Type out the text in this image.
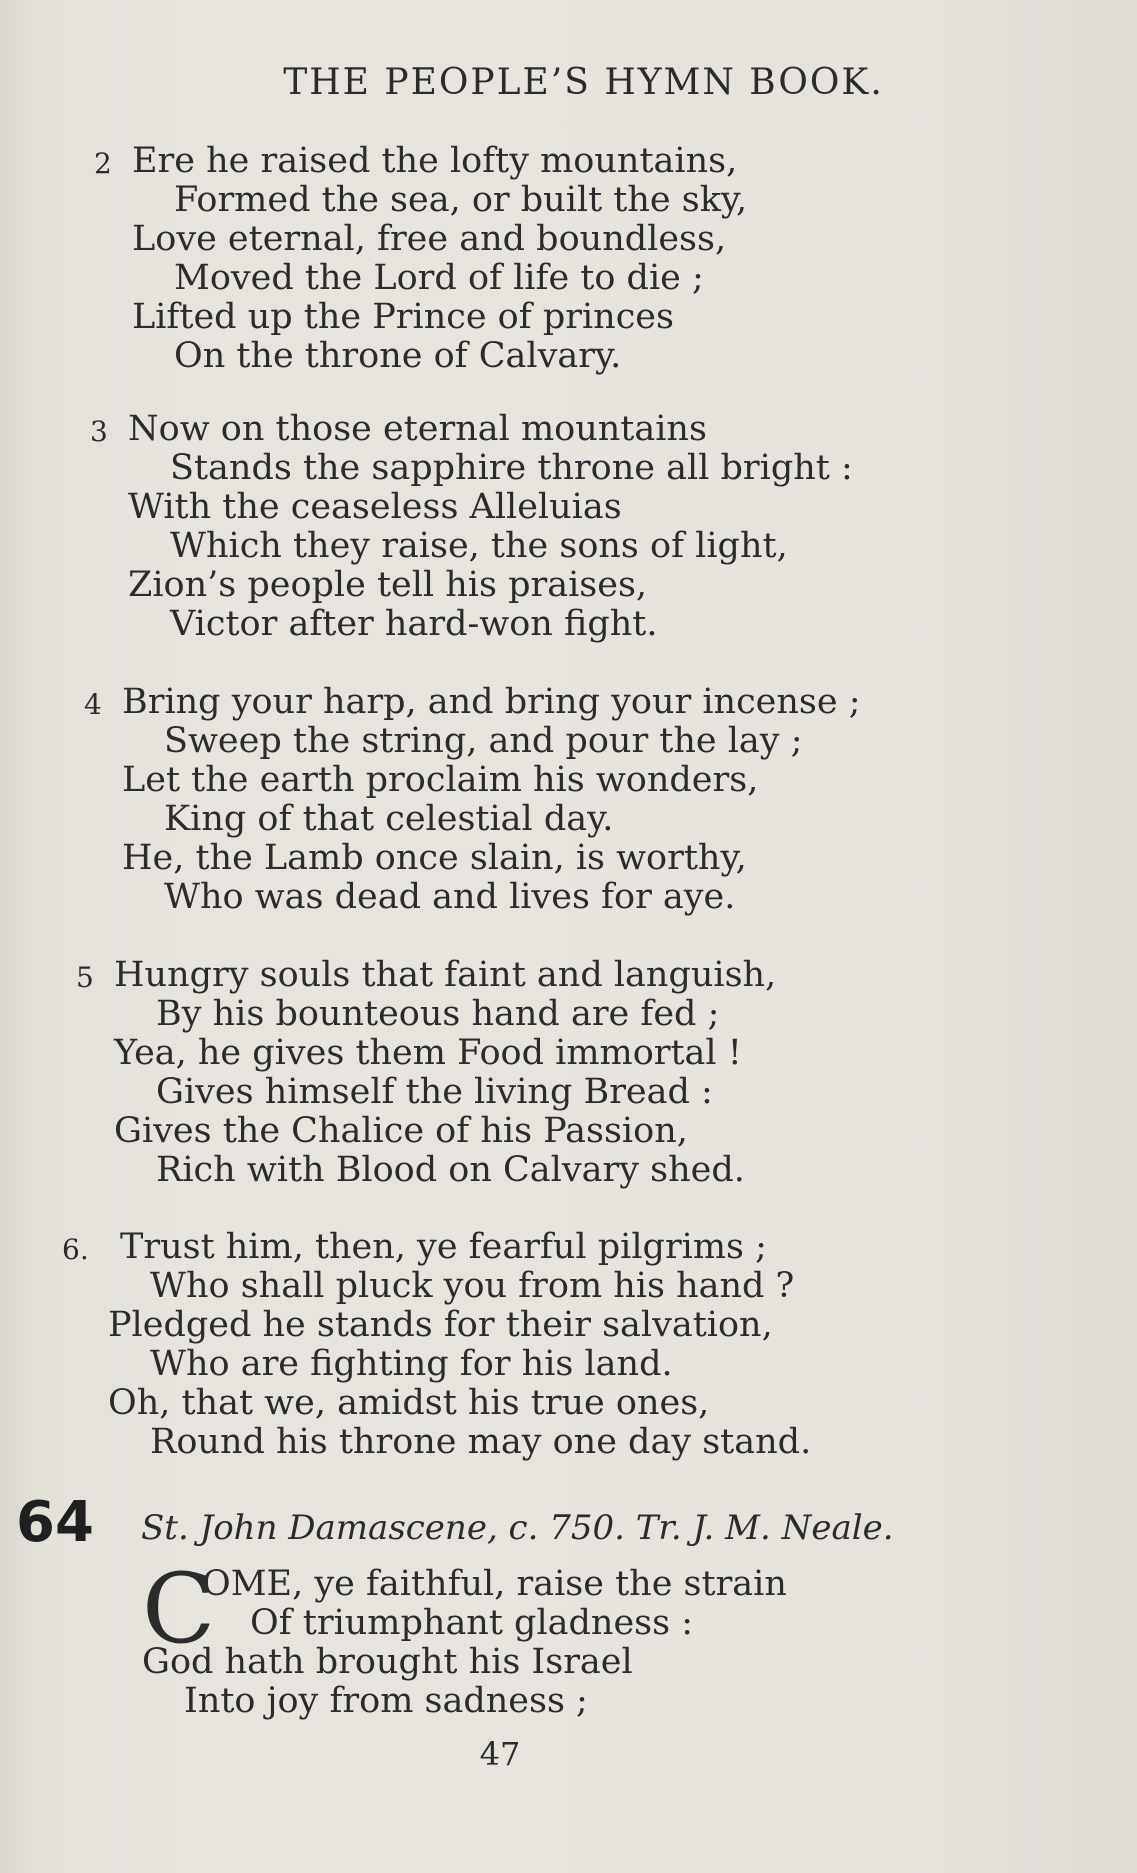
THE PEOPLE’S HYMN BOOK.
2 Ere he raised the lofty mountains,
Formed the sea, or built the sky,
Love eternal, free and boundless,
Moved the Lord of life to die ;
Lifted up the Prince of princes
On the throne of Calvary.
3 Now on those eternal mountains
Stands the sapphire throne all bright :
With the ceaseless Alleluias
Which they raise, the sons of light,
Zion’s people tell his praises,
Victor after hard-won fight.
4 Bring your harp, and bring your incense ;
Sweep the string, and pour the lay ;
Let the earth proclaim his wonders,
King of that celestial day.
He, the Lamb once slain, is worthy,
Who was dead and lives for aye.
5 Hungry souls that faint and languish,
By his bounteous hand are fed ;
Yea, he gives them Food immortal !
Gives himself the living Bread :
Gives the Chalice of his Passion,
Rich with Blood on Calvary shed.
6. Trust him, then, ye fearful pilgrims ;
Who shall pluck you from his hand ?
Pledged he stands for their salvation,
Who are fighting for his land.
Oh, that we, amidst his true ones,
Round his throne may one day stand.
64 St. John Damascene, c. 750. Tr. J. M. Neale.
C
OME, ye faithful, raise the strain
Of triumphant gladness :
God hath brought his Israel
Into joy from sadness ;
47
